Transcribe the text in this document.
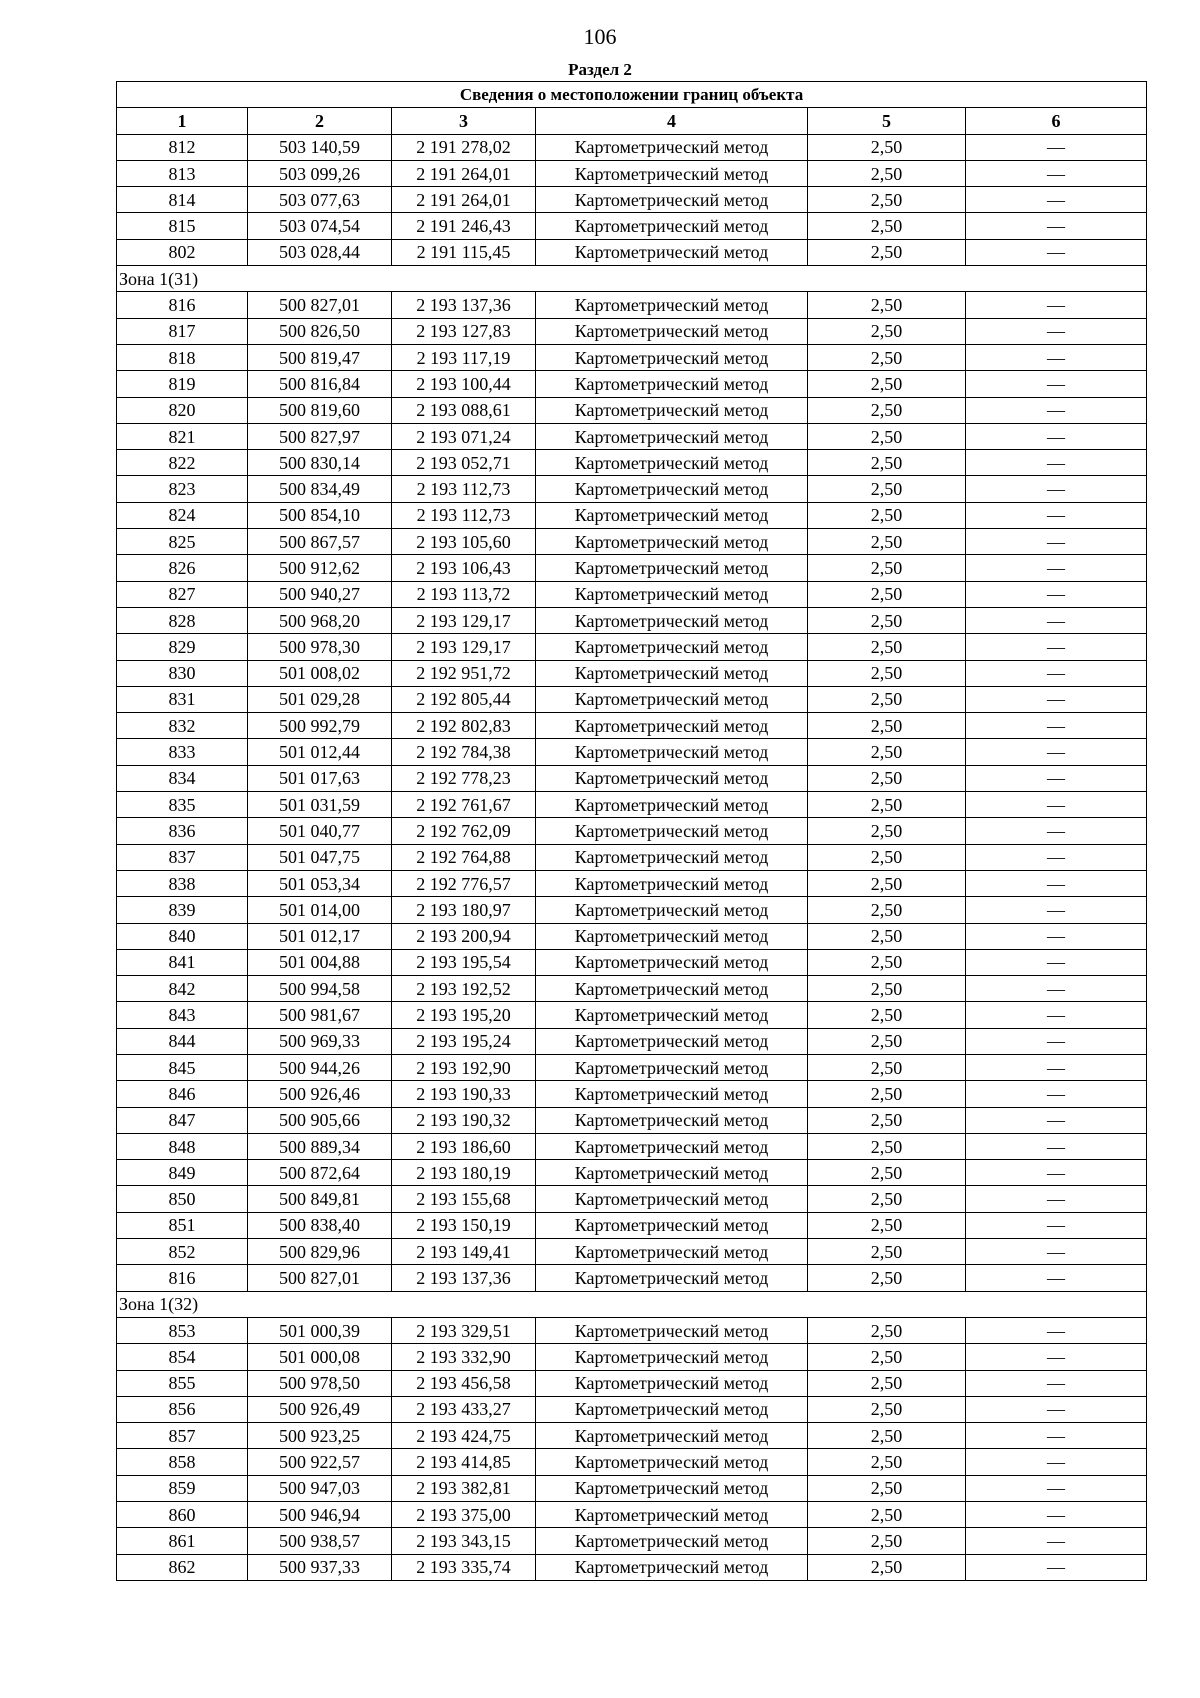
106
Раздел 2
Сведения о местоположении границ объекта					
1	2	3	4	5	6
812	503 140,59	2 191 278,02	Картометрический метод	2,50	—
813	503 099,26	2 191 264,01	Картометрический метод	2,50	—
814	503 077,63	2 191 264,01	Картометрический метод	2,50	—
815	503 074,54	2 191 246,43	Картометрический метод	2,50	—
802	503 028,44	2 191 115,45	Картометрический метод	2,50	—
Зона 1(31)					
816	500 827,01	2 193 137,36	Картометрический метод	2,50	—
817	500 826,50	2 193 127,83	Картометрический метод	2,50	—
818	500 819,47	2 193 117,19	Картометрический метод	2,50	—
819	500 816,84	2 193 100,44	Картометрический метод	2,50	—
820	500 819,60	2 193 088,61	Картометрический метод	2,50	—
821	500 827,97	2 193 071,24	Картометрический метод	2,50	—
822	500 830,14	2 193 052,71	Картометрический метод	2,50	—
823	500 834,49	2 193 112,73	Картометрический метод	2,50	—
824	500 854,10	2 193 112,73	Картометрический метод	2,50	—
825	500 867,57	2 193 105,60	Картометрический метод	2,50	—
826	500 912,62	2 193 106,43	Картометрический метод	2,50	—
827	500 940,27	2 193 113,72	Картометрический метод	2,50	—
828	500 968,20	2 193 129,17	Картометрический метод	2,50	—
829	500 978,30	2 193 129,17	Картометрический метод	2,50	—
830	501 008,02	2 192 951,72	Картометрический метод	2,50	—
831	501 029,28	2 192 805,44	Картометрический метод	2,50	—
832	500 992,79	2 192 802,83	Картометрический метод	2,50	—
833	501 012,44	2 192 784,38	Картометрический метод	2,50	—
834	501 017,63	2 192 778,23	Картометрический метод	2,50	—
835	501 031,59	2 192 761,67	Картометрический метод	2,50	—
836	501 040,77	2 192 762,09	Картометрический метод	2,50	—
837	501 047,75	2 192 764,88	Картометрический метод	2,50	—
838	501 053,34	2 192 776,57	Картометрический метод	2,50	—
839	501 014,00	2 193 180,97	Картометрический метод	2,50	—
840	501 012,17	2 193 200,94	Картометрический метод	2,50	—
841	501 004,88	2 193 195,54	Картометрический метод	2,50	—
842	500 994,58	2 193 192,52	Картометрический метод	2,50	—
843	500 981,67	2 193 195,20	Картометрический метод	2,50	—
844	500 969,33	2 193 195,24	Картометрический метод	2,50	—
845	500 944,26	2 193 192,90	Картометрический метод	2,50	—
846	500 926,46	2 193 190,33	Картометрический метод	2,50	—
847	500 905,66	2 193 190,32	Картометрический метод	2,50	—
848	500 889,34	2 193 186,60	Картометрический метод	2,50	—
849	500 872,64	2 193 180,19	Картометрический метод	2,50	—
850	500 849,81	2 193 155,68	Картометрический метод	2,50	—
851	500 838,40	2 193 150,19	Картометрический метод	2,50	—
852	500 829,96	2 193 149,41	Картометрический метод	2,50	—
816	500 827,01	2 193 137,36	Картометрический метод	2,50	—
Зона 1(32)					
853	501 000,39	2 193 329,51	Картометрический метод	2,50	—
854	501 000,08	2 193 332,90	Картометрический метод	2,50	—
855	500 978,50	2 193 456,58	Картометрический метод	2,50	—
856	500 926,49	2 193 433,27	Картометрический метод	2,50	—
857	500 923,25	2 193 424,75	Картометрический метод	2,50	—
858	500 922,57	2 193 414,85	Картометрический метод	2,50	—
859	500 947,03	2 193 382,81	Картометрический метод	2,50	—
860	500 946,94	2 193 375,00	Картометрический метод	2,50	—
861	500 938,57	2 193 343,15	Картометрический метод	2,50	—
862	500 937,33	2 193 335,74	Картометрический метод	2,50	—
